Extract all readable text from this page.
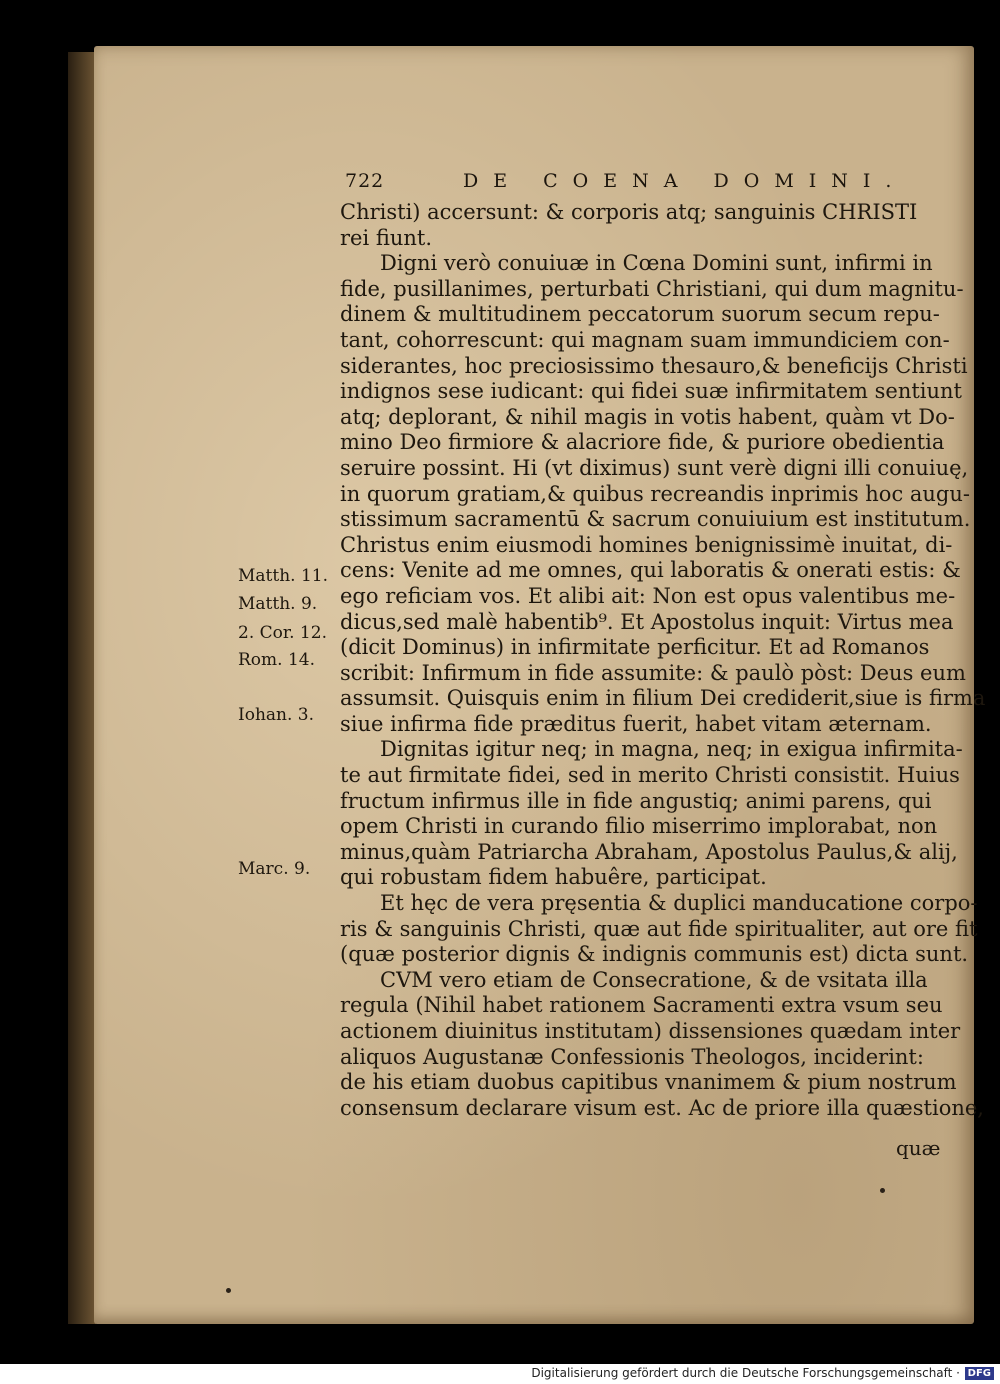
722	DE COENA DOMINI.
Christi) accersunt: & corporis atq; sanguinis CHRISTI
rei fiunt.
Digni verò conuiuæ in Cœna Domini sunt, infirmi in
fide, pusillanimes, perturbati Christiani, qui dum magnitu-
dinem & multitudinem peccatorum suorum secum repu-
tant, cohorrescunt: qui magnam suam immundiciem con-
siderantes, hoc preciosissimo thesauro,& beneficijs Christi
indignos sese iudicant: qui fidei suæ infirmitatem sentiunt
atq; deplorant, & nihil magis in votis habent, quàm vt Do-
mino Deo firmiore & alacriore fide, & puriore obedientia
seruire possint. Hi (vt diximus) sunt verè digni illi conuiuę,
in quorum gratiam,& quibus recreandis inprimis hoc augu-
stissimum sacramentū & sacrum conuiuium est institutum.
Christus enim eiusmodi homines benignissimè inuitat, di-
cens: Venite ad me omnes, qui laboratis & onerati estis: &
ego reficiam vos. Et alibi ait: Non est opus valentibus me-
dicus,sed malè habentib⁹. Et Apostolus inquit: Virtus mea
(dicit Dominus) in infirmitate perficitur. Et ad Romanos
scribit: Infirmum in fide assumite: & paulò pòst: Deus eum
assumsit. Quisquis enim in filium Dei crediderit,siue is firma
siue infirma fide præditus fuerit, habet vitam æternam.
Dignitas igitur neq; in magna, neq; in exigua infirmita-
te aut firmitate fidei, sed in merito Christi consistit. Huius
fructum infirmus ille in fide angustiq; animi parens, qui
opem Christi in curando filio miserrimo implorabat, non
minus,quàm Patriarcha Abraham, Apostolus Paulus,& alij,
qui robustam fidem habuêre, participat.
Et hęc de vera pręsentia & duplici manducatione corpo-
ris & sanguinis Christi, quæ aut fide spiritualiter, aut ore fit
(quæ posterior dignis & indignis communis est) dicta sunt.
CVM vero etiam de Consecratione, & de vsitata illa
regula (Nihil habet rationem Sacramenti extra vsum seu
actionem diuinitus institutam) dissensiones quædam inter
aliquos Augustanæ Confessionis Theologos, inciderint:
de his etiam duobus capitibus vnanimem & pium nostrum
consensum declarare visum est. Ac de priore illa quæstione,
Matth. 11.
Matth. 9.
2. Cor. 12.
Rom. 14.
Iohan. 3.
Marc. 9.
quæ
Digitalisierung gefördert durch die Deutsche Forschungsgemeinschaft · DFG
